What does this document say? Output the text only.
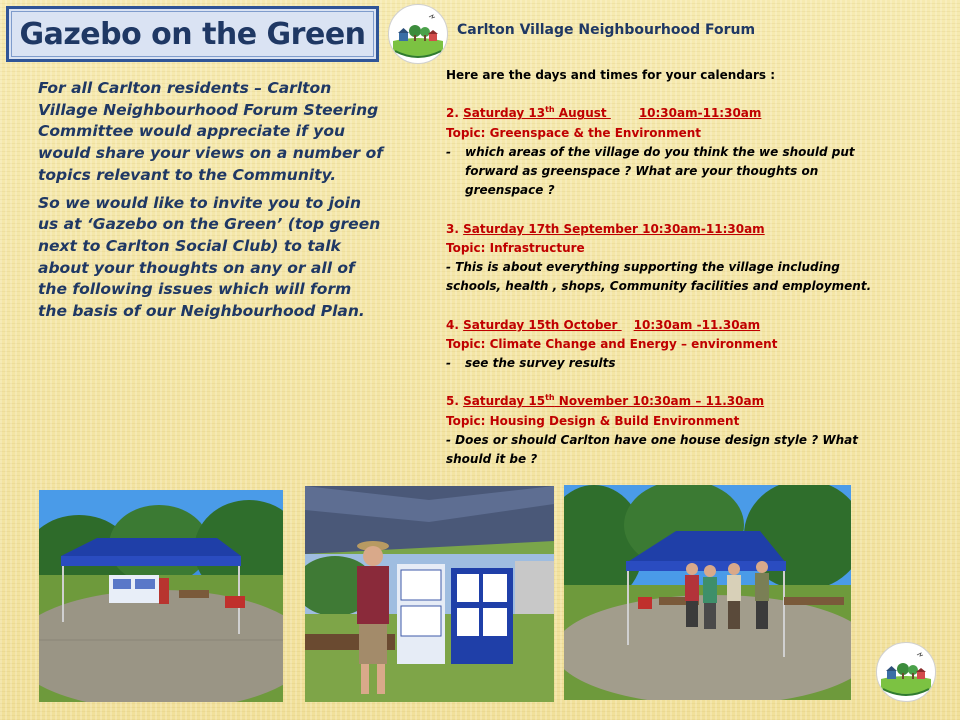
Gazebo on the Green	Carlton Village Neighbourhood Forum

For all Carlton residents – Carlton Village Neighbourhood Forum Steering Committee would appreciate if you would share your views on a number of topics relevant to the Community.

So we would like to invite you to join us at ‘Gazebo on the Green’ (top green next to Carlton Social Club) to talk about your thoughts on any or all of the following issues which will form the basis of our Neighbourhood Plan.

Here are the days and times for your calendars :
2. Saturday 13th August 10:30am-11:30am
Topic: Greenspace & the Environment
-	which areas of the village do you think the we should put
forward as greenspace ? What are your thoughts on
greenspace ?
3. Saturday 17th September 10:30am-11:30am
Topic: Infrastructure
- This is about everything supporting the village including
schools, health , shops, Community facilities and employment.
4. Saturday 15th October 10:30am -11.30am
Topic: Climate Change and Energy – environment
-	see the survey results
5. Saturday 15th November 10:30am – 11.30am
Topic: Housing Design & Build Environment
- Does or should Carlton have one house design style ? What
should it be ?
